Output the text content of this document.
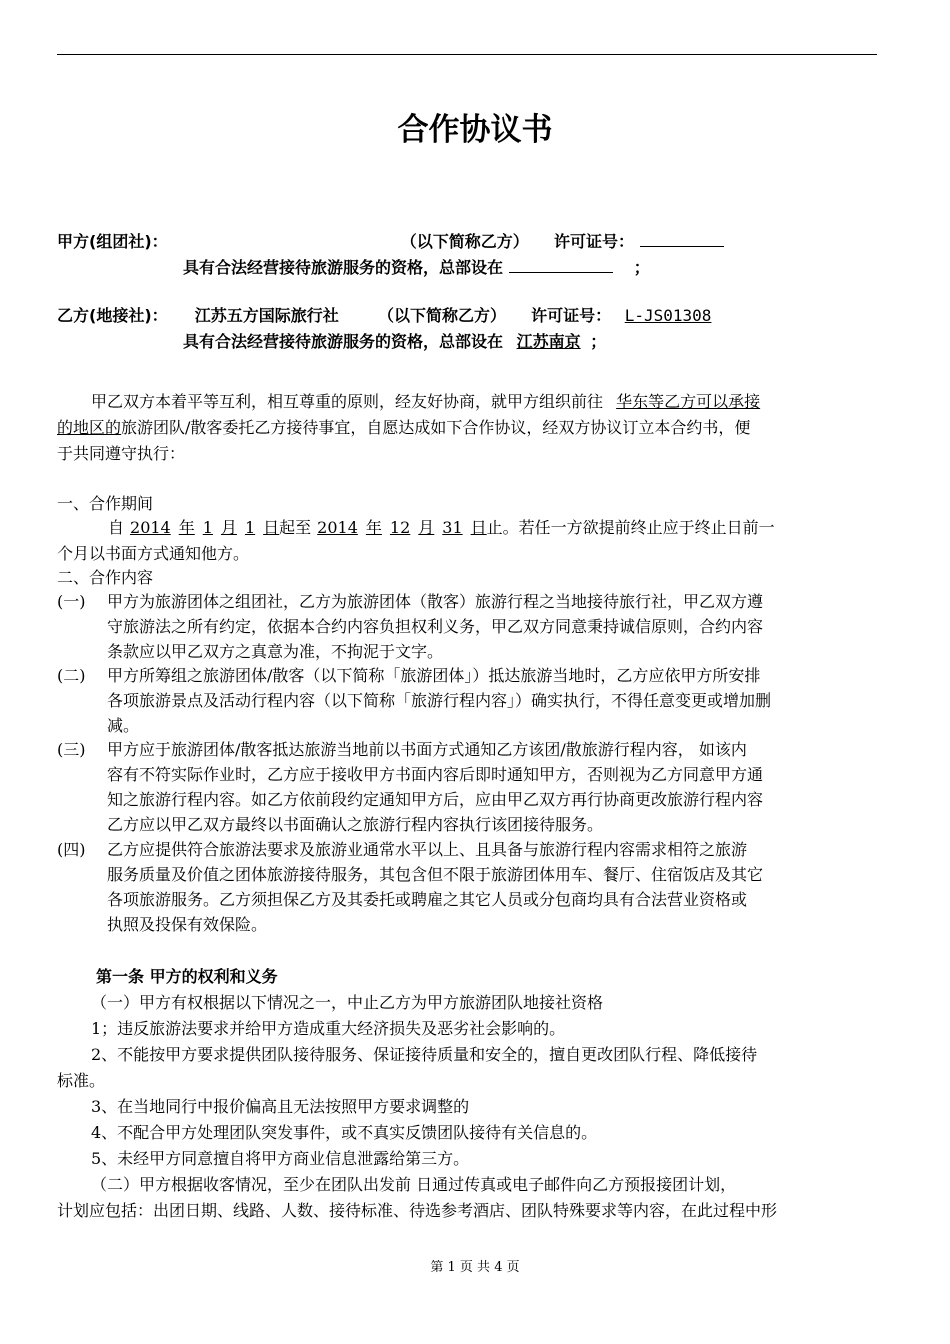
合作协议书
甲方(组团社)：	（以下简称乙方） 许可证号：
具有合法经营接待旅游服务的资格，总部设在	；
乙方(地接社)： 江苏五方国际旅行社 （以下简称乙方） 许可证号： L-JS01308
具有合法经营接待旅游服务的资格，总部设在 江苏南京 ；
甲乙双方本着平等互利，相互尊重的原则，经友好协商，就甲方组织前往 华东等乙方可以承接
的地区的旅游团队/散客委托乙方接待事宜，自愿达成如下合作协议，经双方协议订立本合约书，便
于共同遵守执行：
一、合作期间
自 2014 年 1 月 1 日起至 2014 年 12 月 31 日止。若任一方欲提前终止应于终止日前一
个月以书面方式通知他方。
二、合作内容
(一) 甲方为旅游团体之组团社，乙方为旅游团体（散客）旅游行程之当地接待旅行社，甲乙双方遵
守旅游法之所有约定，依据本合约内容负担权利义务，甲乙双方同意秉持诚信原则，合约内容
条款应以甲乙双方之真意为准，不拘泥于文字。
(二) 甲方所筹组之旅游团体/散客（以下简称「旅游团体」）抵达旅游当地时，乙方应依甲方所安排
各项旅游景点及活动行程内容（以下简称「旅游行程内容」）确实执行，不得任意变更或增加删
减。
(三) 甲方应于旅游团体/散客抵达旅游当地前以书面方式通知乙方该团/散旅游行程内容， 如该内
容有不符实际作业时，乙方应于接收甲方书面内容后即时通知甲方，否则视为乙方同意甲方通
知之旅游行程内容。如乙方依前段约定通知甲方后，应由甲乙双方再行协商更改旅游行程内容
乙方应以甲乙双方最终以书面确认之旅游行程内容执行该团接待服务。
(四) 乙方应提供符合旅游法要求及旅游业通常水平以上、且具备与旅游行程内容需求相符之旅游
服务质量及价值之团体旅游接待服务，其包含但不限于旅游团体用车、餐厅、住宿饭店及其它
各项旅游服务。乙方须担保乙方及其委托或聘雇之其它人员或分包商均具有合法营业资格或
执照及投保有效保险。
第一条 甲方的权利和义务
（一）甲方有权根据以下情况之一，中止乙方为甲方旅游团队地接社资格
1；违反旅游法要求并给甲方造成重大经济损失及恶劣社会影响的。
2、不能按甲方要求提供团队接待服务、保证接待质量和安全的，擅自更改团队行程、降低接待
标准。
3、在当地同行中报价偏高且无法按照甲方要求调整的
4、不配合甲方处理团队突发事件，或不真实反馈团队接待有关信息的。
5、未经甲方同意擅自将甲方商业信息泄露给第三方。
（二）甲方根据收客情况，至少在团队出发前 日通过传真或电子邮件向乙方预报接团计划，
计划应包括：出团日期、线路、人数、接待标准、待选参考酒店、团队特殊要求等内容，在此过程中形
第 1 页 共 4 页
